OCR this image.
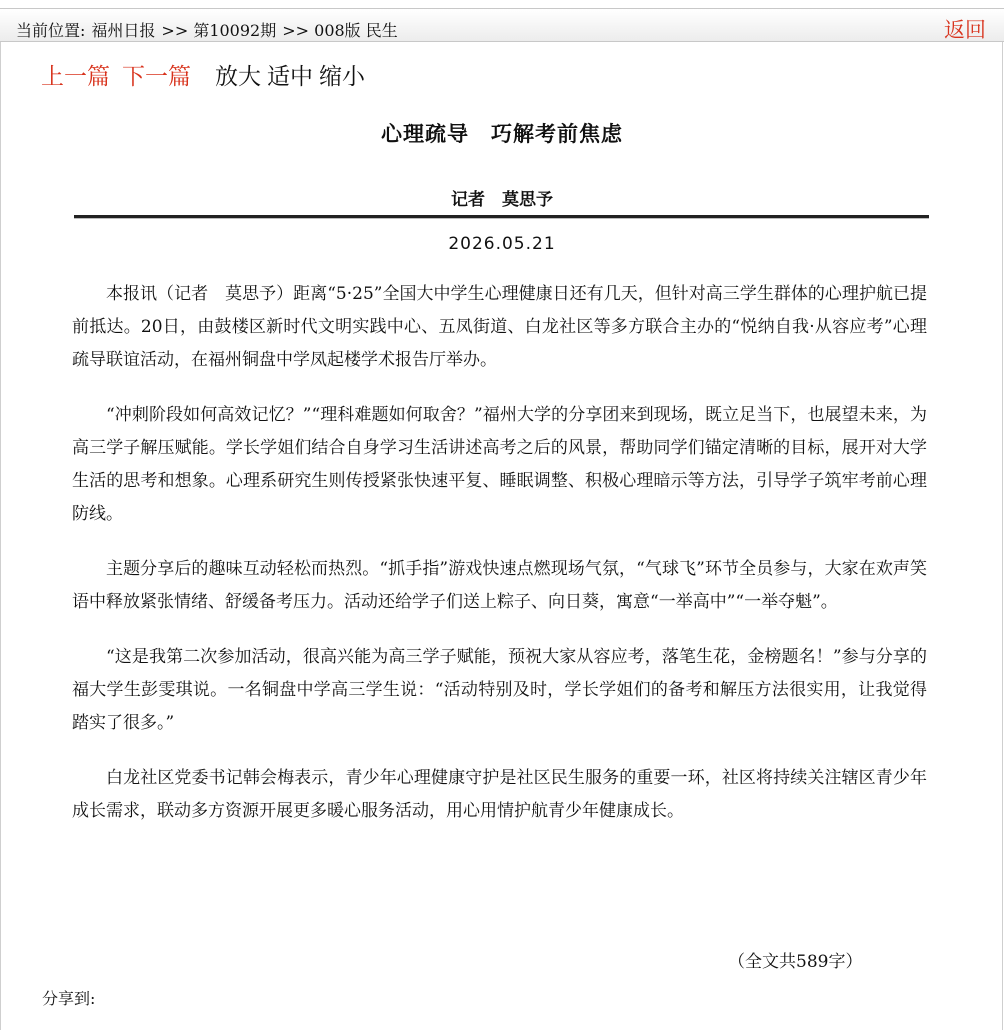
当前位置: 福州日报 >> 第10092期 >> 008版 民生	返回
上一篇 下一篇 放大 适中 缩小
心理疏导　巧解考前焦虑
记者　莫思予
2026.05.21

本报讯（记者　莫思予）距离“5·25”全国大中学生心理健康日还有几天，但针对高三学生群体的心理护航已提前抵达。20日，由鼓楼区新时代文明实践中心、五凤街道、白龙社区等多方联合主办的“悦纳自我·从容应考”心理疏导联谊活动，在福州铜盘中学凤起楼学术报告厅举办。

“冲刺阶段如何高效记忆？”“理科难题如何取舍？”福州大学的分享团来到现场，既立足当下，也展望未来，为高三学子解压赋能。学长学姐们结合自身学习生活讲述高考之后的风景，帮助同学们锚定清晰的目标，展开对大学生活的思考和想象。心理系研究生则传授紧张快速平复、睡眠调整、积极心理暗示等方法，引导学子筑牢考前心理防线。

主题分享后的趣味互动轻松而热烈。“抓手指”游戏快速点燃现场气氛，“气球飞”环节全员参与，大家在欢声笑语中释放紧张情绪、舒缓备考压力。活动还给学子们送上粽子、向日葵，寓意“一举高中”“一举夺魁”。

“这是我第二次参加活动，很高兴能为高三学子赋能，预祝大家从容应考，落笔生花，金榜题名！”参与分享的福大学生彭雯琪说。一名铜盘中学高三学生说：“活动特别及时，学长学姐们的备考和解压方法很实用，让我觉得踏实了很多。”

白龙社区党委书记韩会梅表示，青少年心理健康守护是社区民生服务的重要一环，社区将持续关注辖区青少年成长需求，联动多方资源开展更多暖心服务活动，用心用情护航青少年健康成长。

（全文共589字）
分享到:
